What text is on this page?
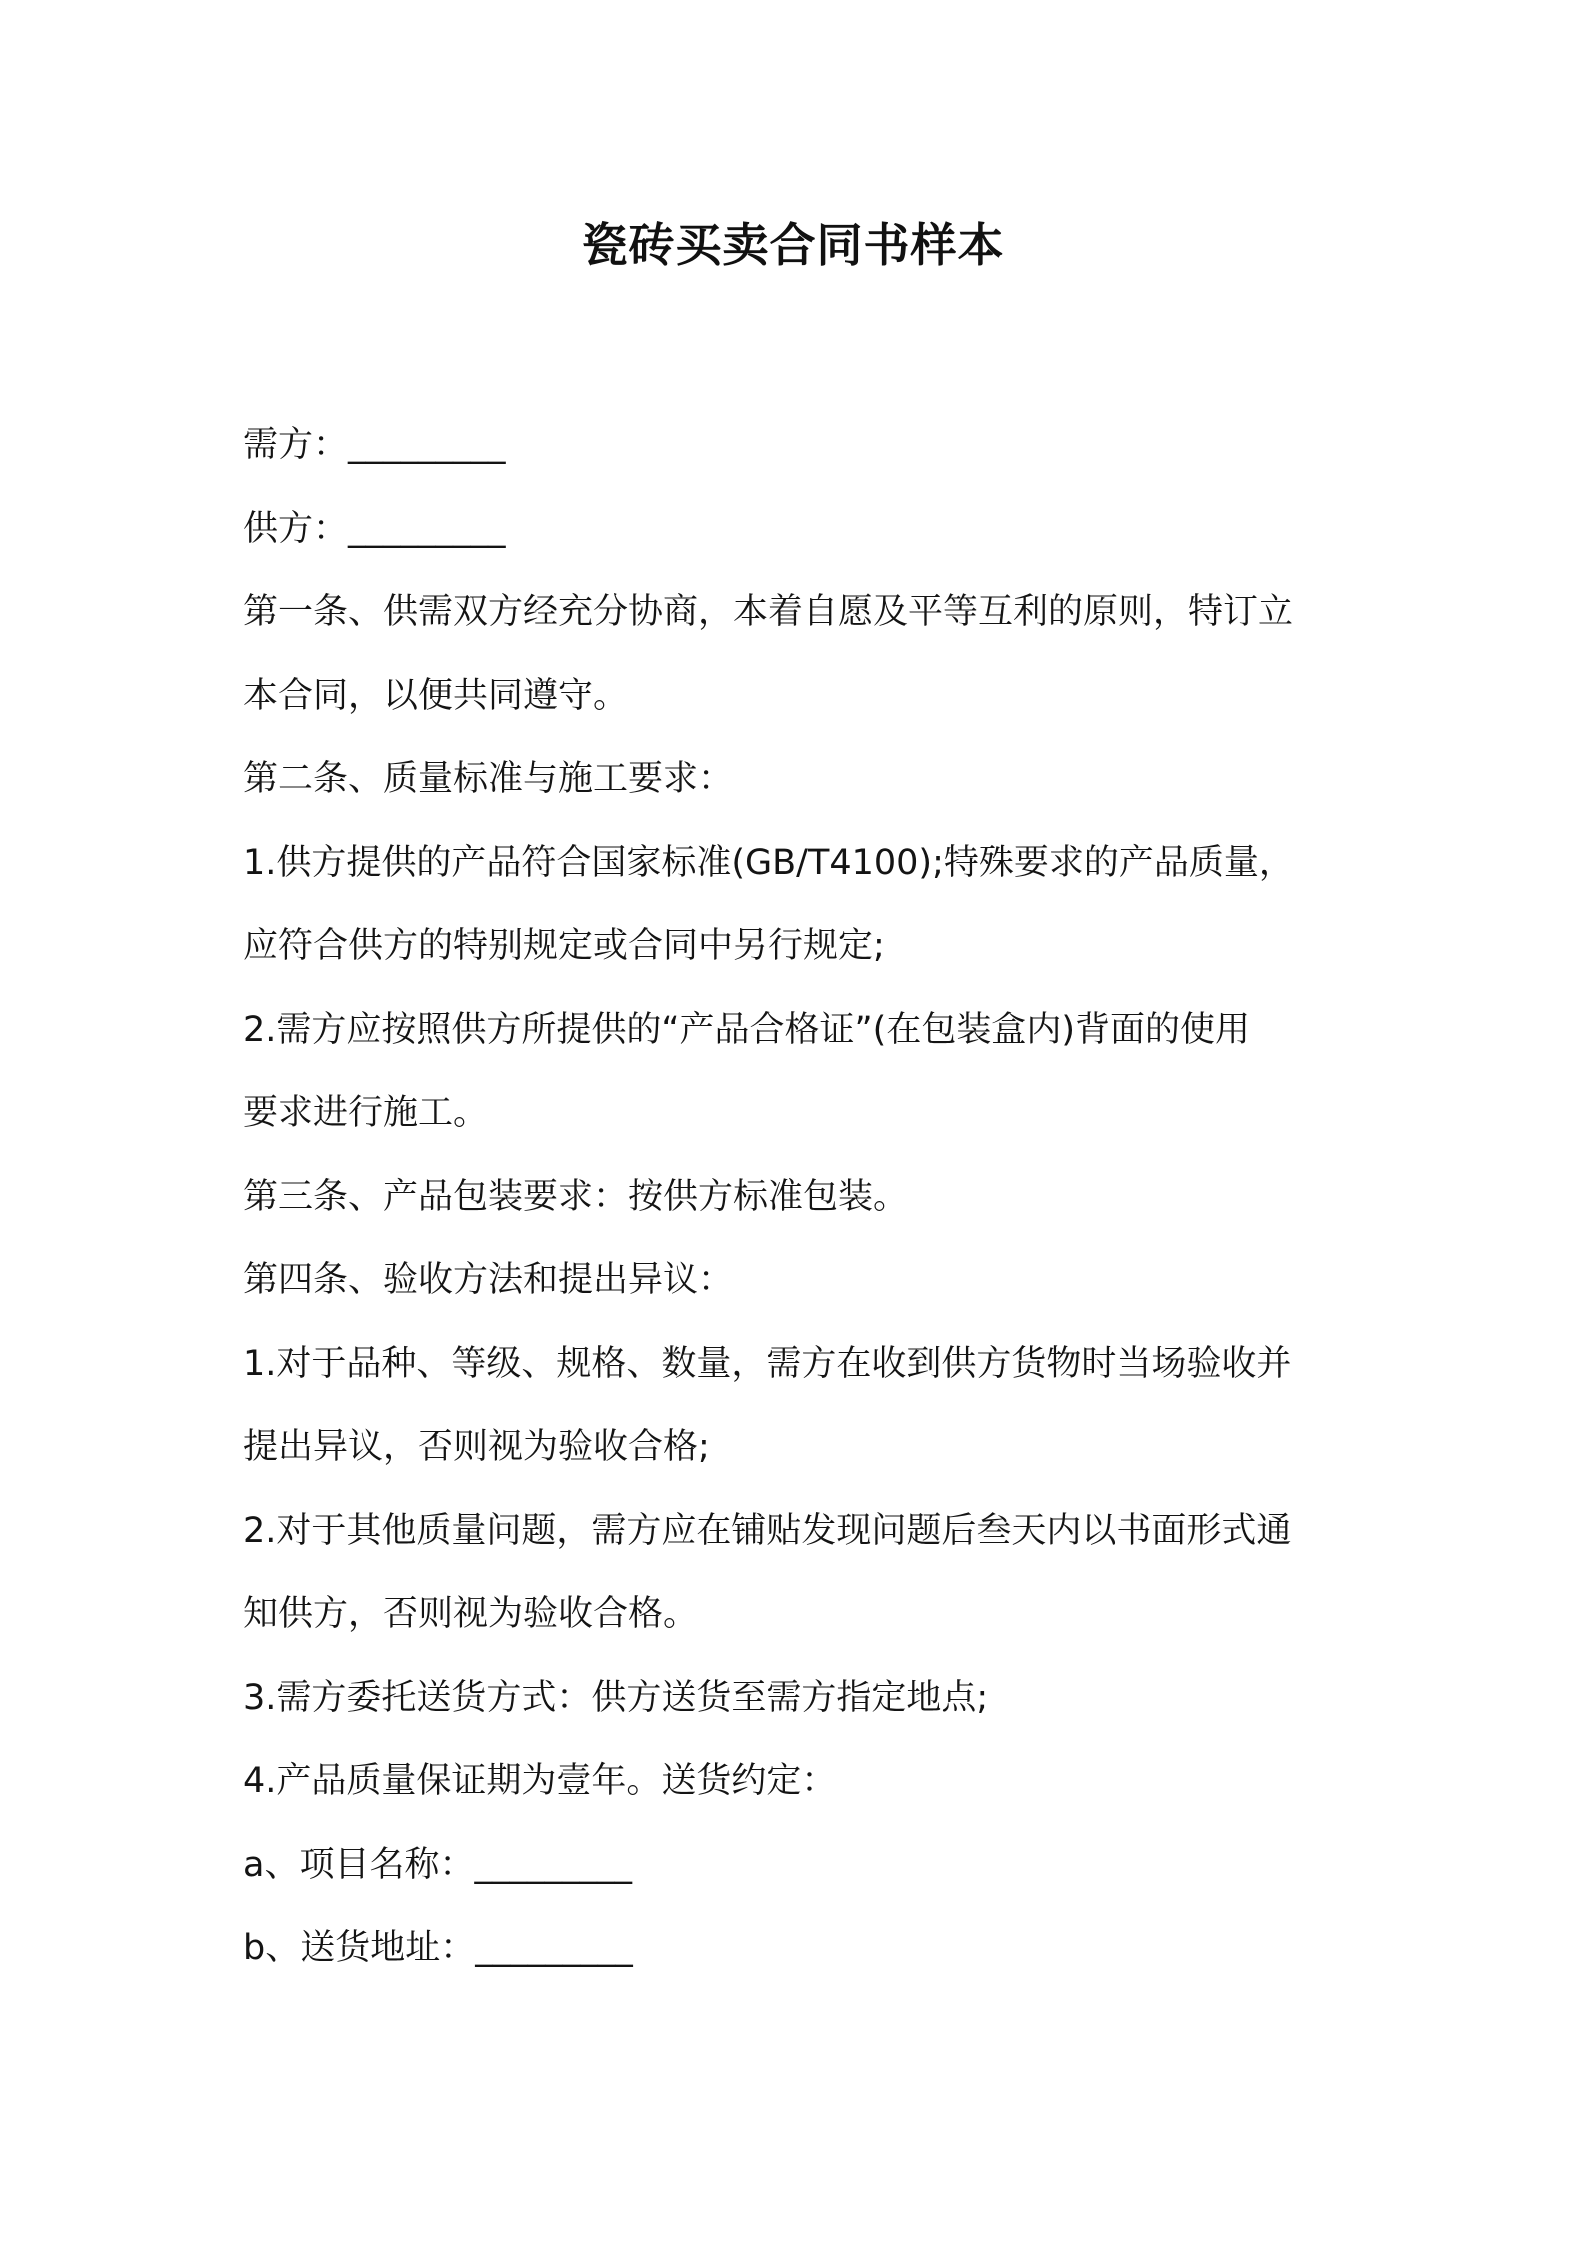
瓷砖买卖合同书样本
需方：_________
供方：_________
第一条、供需双方经充分协商，本着自愿及平等互利的原则，特订立
本合同，以便共同遵守。
第二条、质量标准与施工要求：
1.供方提供的产品符合国家标准(GB/T4100);特殊要求的产品质量，
应符合供方的特别规定或合同中另行规定;
2.需方应按照供方所提供的“产品合格证”(在包装盒内)背面的使用
要求进行施工。
第三条、产品包装要求：按供方标准包装。
第四条、验收方法和提出异议：
1.对于品种、等级、规格、数量，需方在收到供方货物时当场验收并
提出异议，否则视为验收合格;
2.对于其他质量问题，需方应在铺贴发现问题后叁天内以书面形式通
知供方，否则视为验收合格。
3.需方委托送货方式：供方送货至需方指定地点;
4.产品质量保证期为壹年。送货约定：
a、项目名称：_________
b、送货地址：_________
